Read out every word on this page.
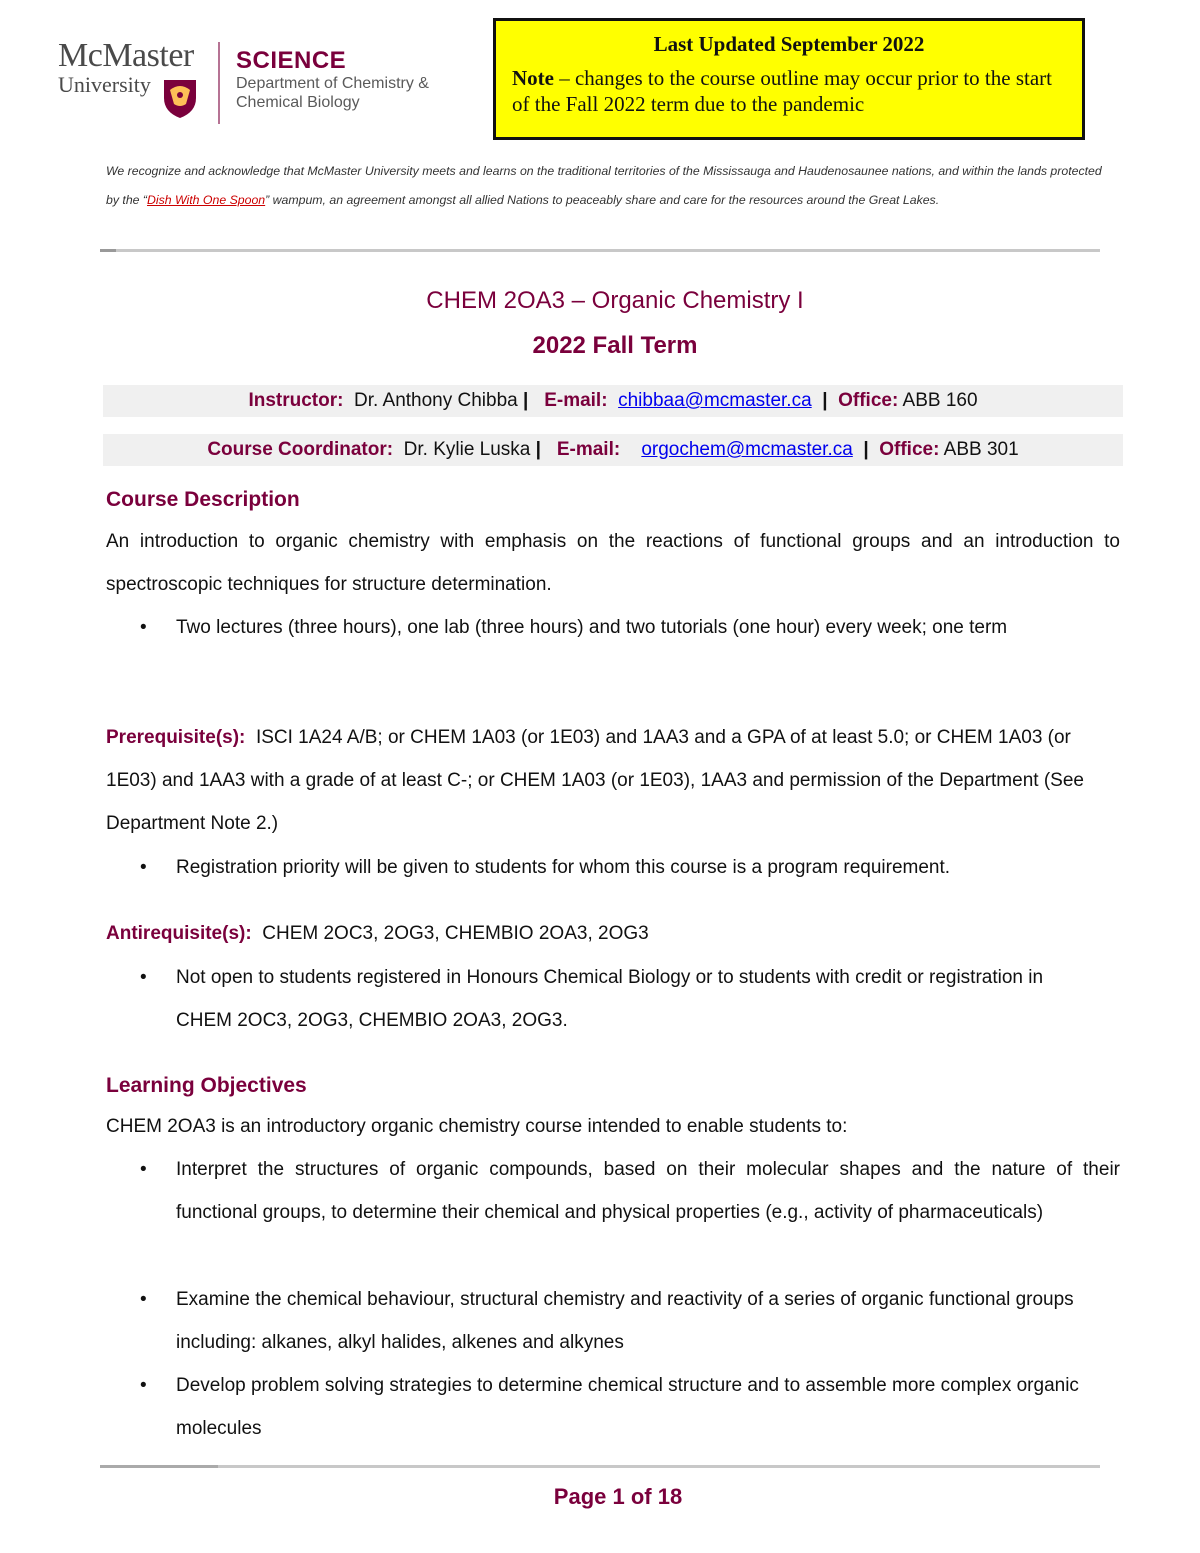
McMaster
University
SCIENCE
Department of Chemistry &
Chemical Biology
Last Updated September 2022
Note – changes to the course outline may occur prior to the start of the Fall 2022 term due to the pandemic
We recognize and acknowledge that McMaster University meets and learns on the traditional territories of the Mississauga and Haudenosaunee nations, and within the lands protected by the “Dish With One Spoon” wampum, an agreement amongst all allied Nations to peaceably share and care for the resources around the Great Lakes.
CHEM 2OA3 – Organic Chemistry I
2022 Fall Term
Instructor: Dr. Anthony Chibba | E-mail: chibbaa@mcmaster.ca | Office: ABB 160
Course Coordinator: Dr. Kylie Luska | E-mail: orgochem@mcmaster.ca | Office: ABB 301
Course Description
An introduction to organic chemistry with emphasis on the reactions of functional groups and an introduction to spectroscopic techniques for structure determination.
• Two lectures (three hours), one lab (three hours) and two tutorials (one hour) every week; one term
Prerequisite(s): ISCI 1A24 A/B; or CHEM 1A03 (or 1E03) and 1AA3 and a GPA of at least 5.0; or CHEM 1A03 (or 1E03) and 1AA3 with a grade of at least C-; or CHEM 1A03 (or 1E03), 1AA3 and permission of the Department (See Department Note 2.)
• Registration priority will be given to students for whom this course is a program requirement.
Antirequisite(s): CHEM 2OC3, 2OG3, CHEMBIO 2OA3, 2OG3
• Not open to students registered in Honours Chemical Biology or to students with credit or registration in CHEM 2OC3, 2OG3, CHEMBIO 2OA3, 2OG3.
Learning Objectives
CHEM 2OA3 is an introductory organic chemistry course intended to enable students to:
• Interpret the structures of organic compounds, based on their molecular shapes and the nature of their functional groups, to determine their chemical and physical properties (e.g., activity of pharmaceuticals)
• Examine the chemical behaviour, structural chemistry and reactivity of a series of organic functional groups including: alkanes, alkyl halides, alkenes and alkynes
• Develop problem solving strategies to determine chemical structure and to assemble more complex organic molecules
Page 1 of 18
